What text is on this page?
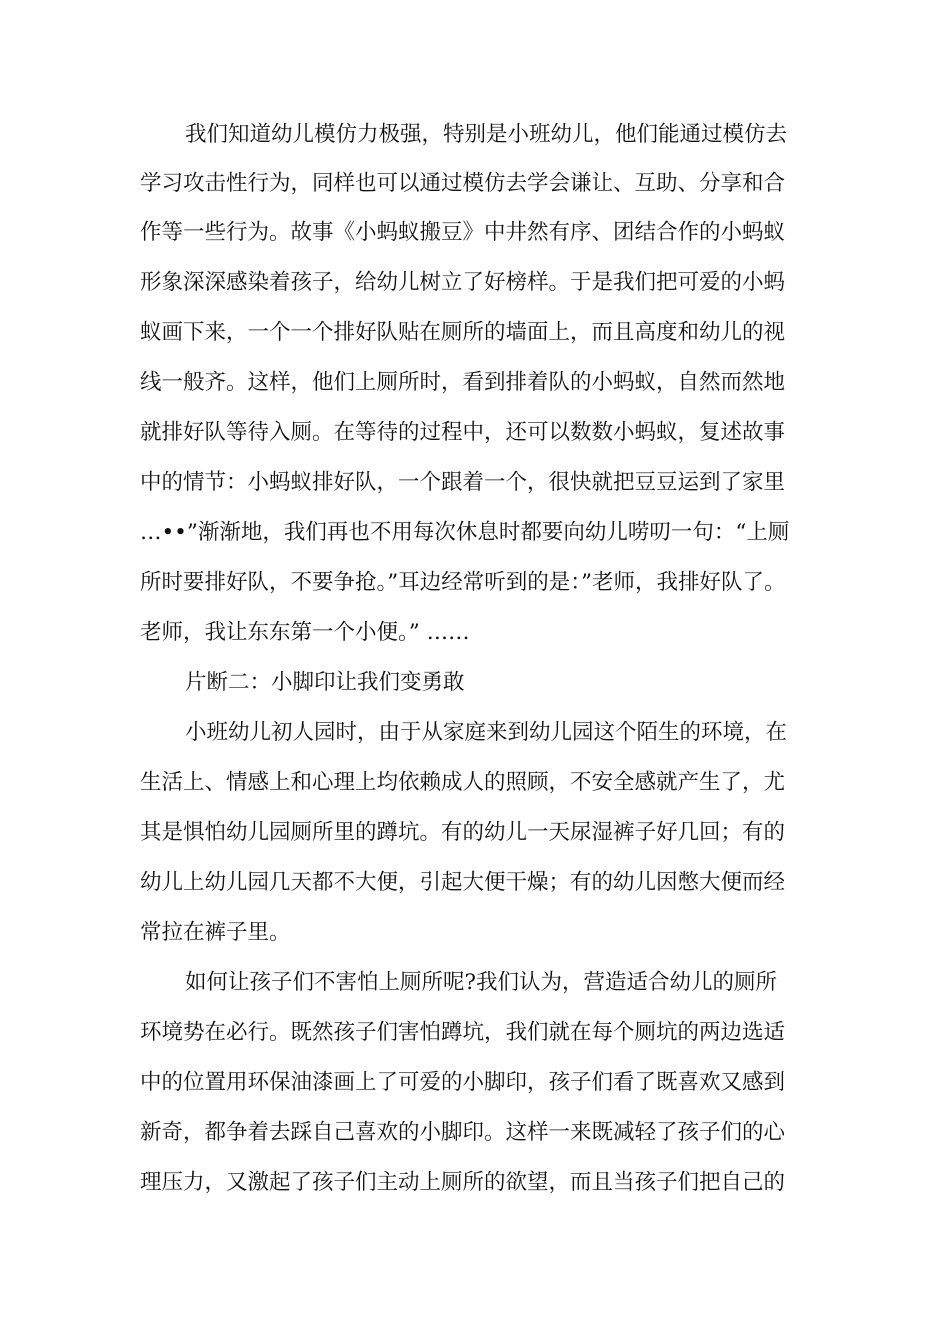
我们知道幼儿模仿力极强，特别是小班幼儿，他们能通过模仿去

学习攻击性行为，同样也可以通过模仿去学会谦让、互助、分享和合

作等一些行为。故事《小蚂蚁搬豆》中井然有序、团结合作的小蚂蚁

形象深深感染着孩子，给幼儿树立了好榜样。于是我们把可爱的小蚂

蚁画下来，一个一个排好队贴在厕所的墙面上，而且高度和幼儿的视

线一般齐。这样，他们上厕所时，看到排着队的小蚂蚁，自然而然地

就排好队等待入厕。在等待的过程中，还可以数数小蚂蚁，复述故事

中的情节：小蚂蚁排好队，一个跟着一个，很快就把豆豆运到了家里

…••”渐渐地，我们再也不用每次休息时都要向幼儿唠叨一句：“上厕

所时要排好队，不要争抢。”耳边经常听到的是：”老师，我排好队了。

老师，我让东东第一个小便。” ……

片断二：小脚印让我们变勇敢

小班幼儿初人园时，由于从家庭来到幼儿园这个陌生的环境，在

生活上、情感上和心理上均依赖成人的照顾，不安全感就产生了，尤

其是惧怕幼儿园厕所里的蹲坑。有的幼儿一天尿湿裤子好几回；有的

幼儿上幼儿园几天都不大便，引起大便干燥；有的幼儿因憋大便而经

常拉在裤子里。

如何让孩子们不害怕上厕所呢?我们认为，营造适合幼儿的厕所

环境势在必行。既然孩子们害怕蹲坑，我们就在每个厕坑的两边选适

中的位置用环保油漆画上了可爱的小脚印，孩子们看了既喜欢又感到

新奇，都争着去踩自己喜欢的小脚印。这样一来既减轻了孩子们的心

理压力，又激起了孩子们主动上厕所的欲望，而且当孩子们把自己的
